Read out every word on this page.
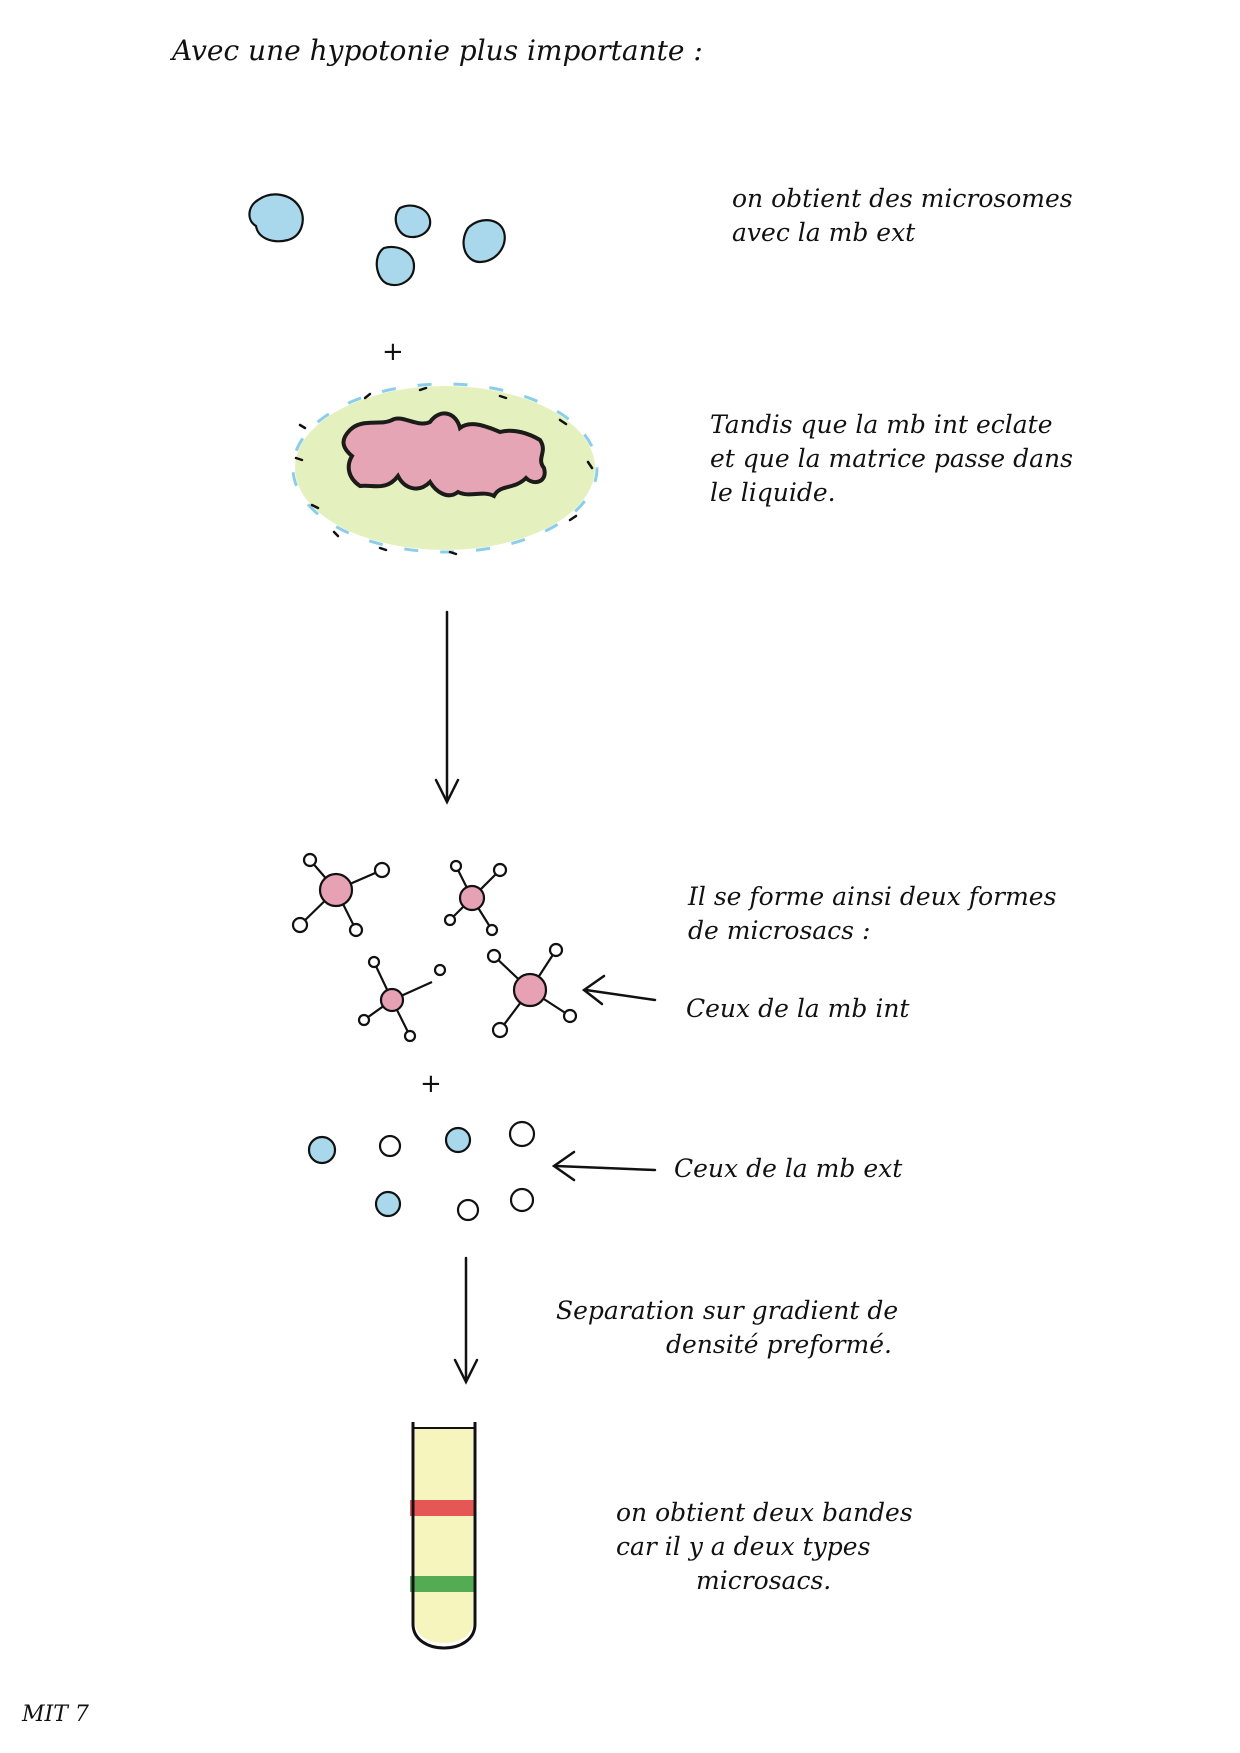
+
+
Avec une hypotonie plus importante :
on obtient des microsomes
avec la mb ext
Tandis que la mb int eclate
et que la matrice passe dans
le liquide.
Il se forme ainsi deux formes
de microsacs :
Ceux de la mb int
Ceux de la mb ext
Separation sur gradient de
densité preformé.
on obtient deux bandes
car il y a deux types
microsacs.
MIT 7
